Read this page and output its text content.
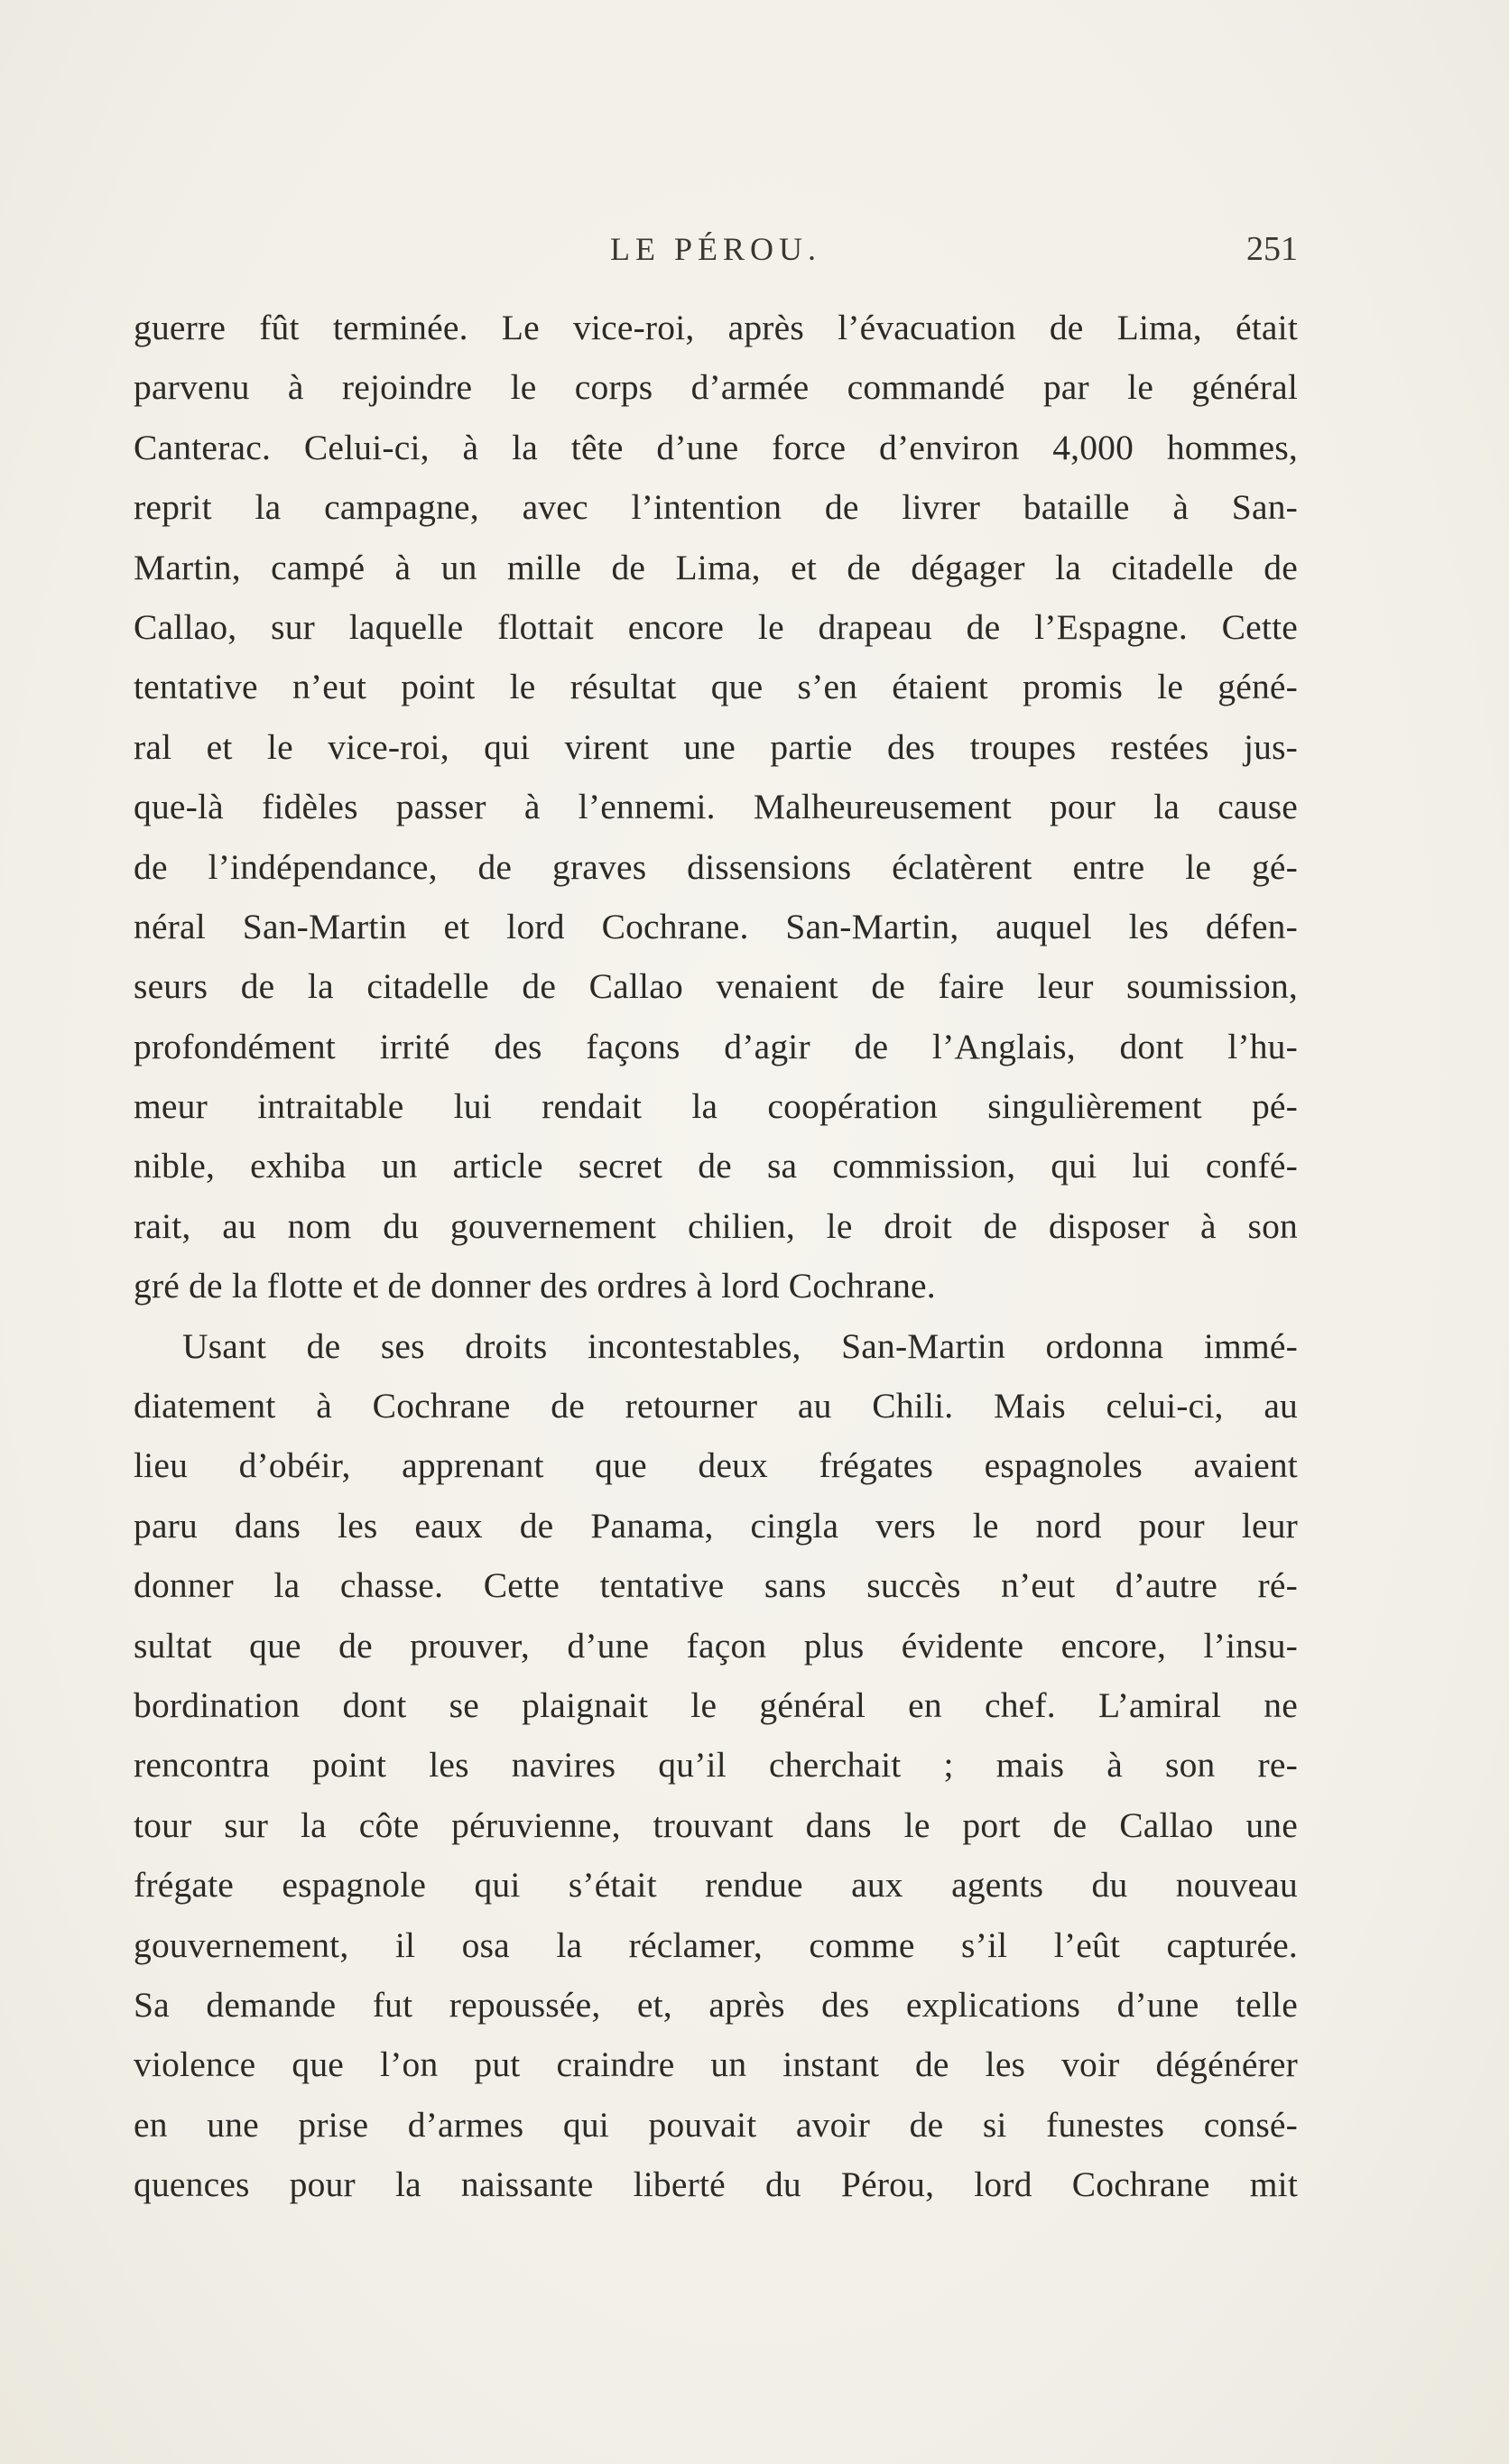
LE PÉROU.	251
guerre fût terminée. Le vice-roi, après l’évacuation de Lima, était
parvenu à rejoindre le corps d’armée commandé par le général
Canterac. Celui-ci, à la tête d’une force d’environ 4,000 hommes,
reprit la campagne, avec l’intention de livrer bataille à San-
Martin, campé à un mille de Lima, et de dégager la citadelle de
Callao, sur laquelle flottait encore le drapeau de l’Espagne. Cette
tentative n’eut point le résultat que s’en étaient promis le géné-
ral et le vice-roi, qui virent une partie des troupes restées jus-
que-là fidèles passer à l’ennemi. Malheureusement pour la cause
de l’indépendance, de graves dissensions éclatèrent entre le gé-
néral San-Martin et lord Cochrane. San-Martin, auquel les défen-
seurs de la citadelle de Callao venaient de faire leur soumission,
profondément irrité des façons d’agir de l’Anglais, dont l’hu-
meur intraitable lui rendait la coopération singulièrement pé-
nible, exhiba un article secret de sa commission, qui lui confé-
rait, au nom du gouvernement chilien, le droit de disposer à son
gré de la flotte et de donner des ordres à lord Cochrane.
Usant de ses droits incontestables, San-Martin ordonna immé-
diatement à Cochrane de retourner au Chili. Mais celui-ci, au
lieu d’obéir, apprenant que deux frégates espagnoles avaient
paru dans les eaux de Panama, cingla vers le nord pour leur
donner la chasse. Cette tentative sans succès n’eut d’autre ré-
sultat que de prouver, d’une façon plus évidente encore, l’insu-
bordination dont se plaignait le général en chef. L’amiral ne
rencontra point les navires qu’il cherchait ; mais à son re-
tour sur la côte péruvienne, trouvant dans le port de Callao une
frégate espagnole qui s’était rendue aux agents du nouveau
gouvernement, il osa la réclamer, comme s’il l’eût capturée.
Sa demande fut repoussée, et, après des explications d’une telle
violence que l’on put craindre un instant de les voir dégénérer
en une prise d’armes qui pouvait avoir de si funestes consé-
quences pour la naissante liberté du Pérou, lord Cochrane mit
